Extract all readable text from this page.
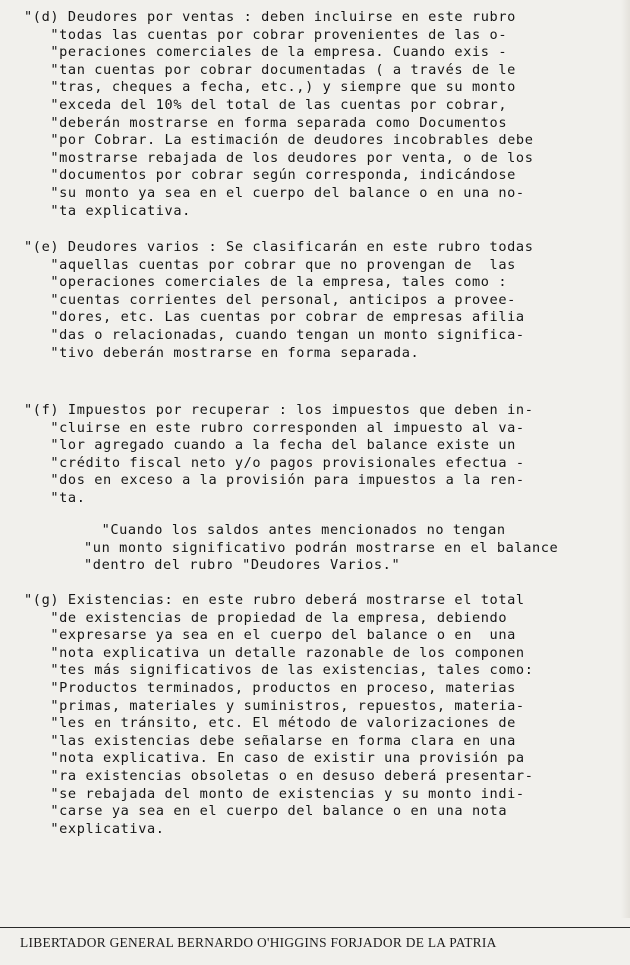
"(d) Deudores por ventas : deben incluirse en este rubro
"todas las cuentas por cobrar provenientes de las o-
"peraciones comerciales de la empresa. Cuando exis -
"tan cuentas por cobrar documentadas ( a través de le
"tras, cheques a fecha, etc.,) y siempre que su monto
"exceda del 10% del total de las cuentas por cobrar,
"deberán mostrarse en forma separada como Documentos
"por Cobrar. La estimación de deudores incobrables debe
"mostrarse rebajada de los deudores por venta, o de los
"documentos por cobrar según corresponda, indicándose
"su monto ya sea en el cuerpo del balance o en una no-
"ta explicativa.
"(e) Deudores varios : Se clasificarán en este rubro todas
"aquellas cuentas por cobrar que no provengan de  las
"operaciones comerciales de la empresa, tales como :
"cuentas corrientes del personal, anticipos a provee-
"dores, etc. Las cuentas por cobrar de empresas afilia
"das o relacionadas, cuando tengan un monto significa-
"tivo deberán mostrarse en forma separada.
"(f) Impuestos por recuperar : los impuestos que deben in-
"cluirse en este rubro corresponden al impuesto al va-
"lor agregado cuando a la fecha del balance existe un
"crédito fiscal neto y/o pagos provisionales efectua -
"dos en exceso a la provisión para impuestos a la ren-
"ta.
"Cuando los saldos antes mencionados no tengan
"un monto significativo podrán mostrarse en el balance
"dentro del rubro "Deudores Varios."
"(g) Existencias: en este rubro deberá mostrarse el total
"de existencias de propiedad de la empresa, debiendo
"expresarse ya sea en el cuerpo del balance o en  una
"nota explicativa un detalle razonable de los componen
"tes más significativos de las existencias, tales como:
"Productos terminados, productos en proceso, materias
"primas, materiales y suministros, repuestos, materia-
"les en tránsito, etc. El método de valorizaciones de
"las existencias debe señalarse en forma clara en una
"nota explicativa. En caso de existir una provisión pa
"ra existencias obsoletas o en desuso deberá presentar-
"se rebajada del monto de existencias y su monto indi-
"carse ya sea en el cuerpo del balance o en una nota
"explicativa.
LIBERTADOR GENERAL BERNARDO O'HIGGINS FORJADOR DE LA PATRIA
